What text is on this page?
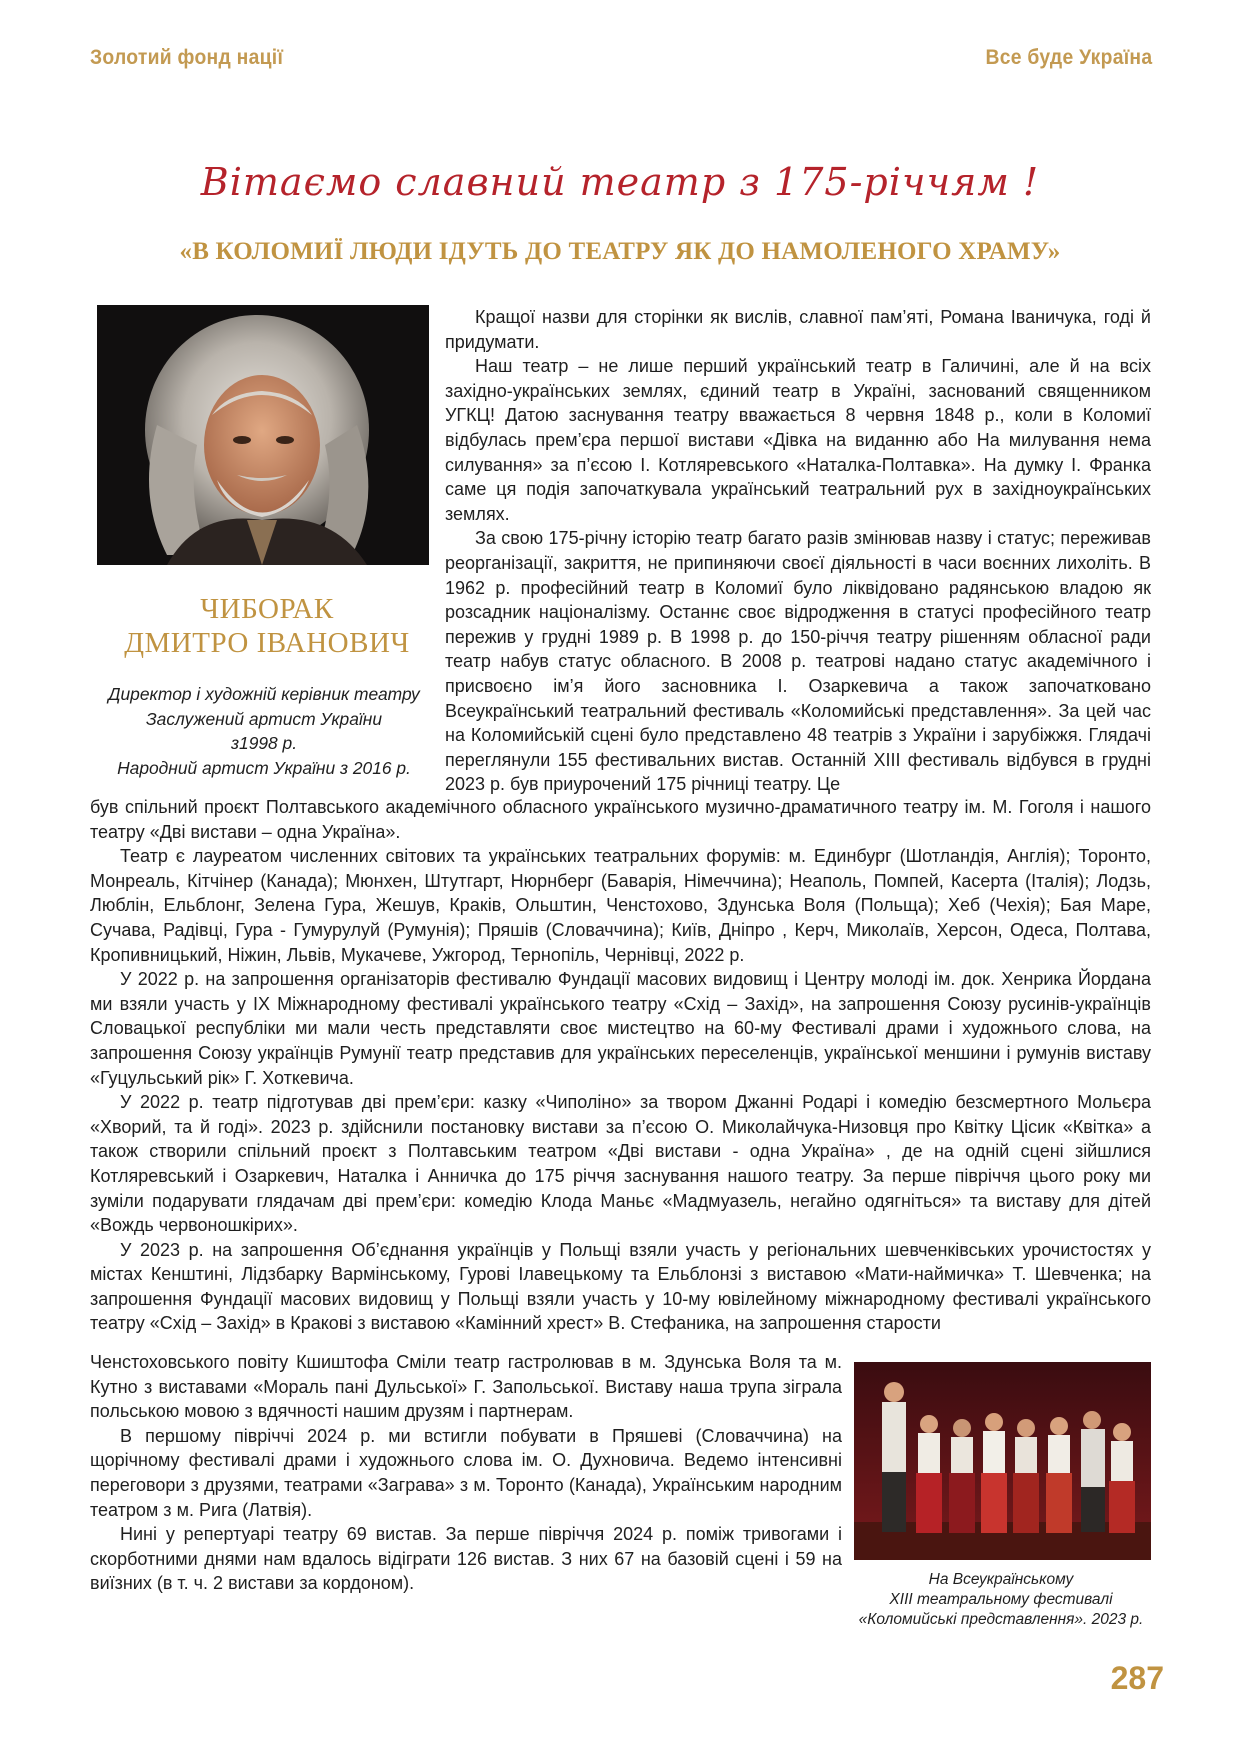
Золотий фонд нації	Все буде Україна
Вітаємо славний театр з 175-річчям !
«В КОЛОМИЇ ЛЮДИ ІДУТЬ ДО ТЕАТРУ ЯК ДО НАМОЛЕНОГО ХРАМУ»
ЧИБОРАК
ДМИТРО ІВАНОВИЧ
Директор і художній керівник театру
Заслужений артист України
з1998 р.
Народний артист України з 2016 р.

Кращої назви для сторінки як вислів, славної пам’яті, Романа Іваничука, годі й придумати.

Наш театр – не лише перший український театр в Галичині, але й на всіх західно-українських землях, єдиний театр в Україні, заснований священником УГКЦ! Датою заснування театру вважається 8 червня 1848 р., коли в Коломиї відбулась прем’єра першої вистави «Дівка на виданню або На милування нема силування» за п’єсою І. Котляревського «Наталка-Полтавка». На думку І. Франка саме ця подія започаткувала український театральний рух в західноукраїнських землях.

За свою 175-річну історію театр багато разів змінював назву і статус; переживав реорганізації, закриття, не припиняючи своєї діяльності в часи воєнних лихоліть. В 1962 р. професійний театр в Коломиї було ліквідовано радянською владою як розсадник націоналізму. Останнє своє відродження в статусі професійного театр пережив у грудні 1989 р. В 1998 р. до 150-річчя театру рішенням обласної ради театр набув статус обласного. В 2008 р. театрові надано статус академічного і присвоєно ім’я його засновника І. Озаркевича а також започатковано Всеукраїнський театральний фестиваль «Коломийські представлення». За цей час на Коломийській сцені було представлено 48 театрів з України і зарубіжжя. Глядачі переглянули 155 фестивальних вистав. Останній ХІІІ фестиваль відбувся в грудні 2023 р. був приурочений 175 річниці театру. Це

був спільний проєкт Полтавського академічного обласного українського музично-драматичного театру ім. М. Гоголя і нашого театру «Дві вистави – одна Україна».

Театр є лауреатом численних світових та українських театральних форумів: м. Единбург (Шотландія, Англія); Торонто, Монреаль, Кітчінер (Канада); Мюнхен, Штутгарт, Нюрнберг (Баварія, Німеччина); Неаполь, Помпей, Касерта (Італія); Лодзь, Люблін, Ельблонг, Зелена Гура, Жешув, Краків, Ольштин, Ченстохово, Здунська Воля (Польща); Хеб (Чехія); Бая Маре, Сучава, Радівці, Гура - Гумурулуй (Румунія); Пряшів (Словаччина); Київ, Дніпро , Керч, Миколаїв, Херсон, Одеса, Полтава, Кропивницький, Ніжин, Львів, Мукачеве, Ужгород, Тернопіль, Чернівці, 2022 р.

У 2022 р. на запрошення організаторів фестивалю Фундації масових видовищ і Центру молоді ім. док. Хенрика Йордана ми взяли участь у ІХ Міжнародному фестивалі українського театру «Схід – Захід», на запрошення Союзу русинів-українців Словацької республіки ми мали честь представляти своє мистецтво на 60-му Фестивалі драми і художнього слова, на запрошення Союзу українців Румунії театр представив для українських переселенців, української меншини і румунів виставу «Гуцульський рік» Г. Хоткевича.

У 2022 р. театр підготував дві прем’єри: казку «Чиполіно» за твором Джанні Родарі і комедію безсмертного Мольєра «Хворий, та й годі». 2023 р. здійснили постановку вистави за п’єсою О. Миколайчука-Низовця про Квітку Цісик «Квітка» а також створили спільний проєкт з Полтавським театром «Дві вистави - одна Україна» , де на одній сцені зійшлися Котляревський і Озаркевич, Наталка і Анничка до 175 річчя заснування нашого театру. За перше півріччя цього року ми зуміли подарувати глядачам дві прем’єри: комедію Клода Маньє «Мадмуазель, негайно одягніться» та виставу для дітей «Вождь червоношкірих».

У 2023 р. на запрошення Об’єднання українців у Польщі взяли участь у регіональних шевченківських урочистостях у містах Кенштині, Лідзбарку Вармінському, Гурові Ілавецькому та Ельблонзі з виставою «Мати-наймичка» Т. Шевченка; на запрошення Фундації масових видовищ у Польщі взяли участь у 10-му ювілейному міжнародному фестивалі українського театру «Схід – Захід» в Кракові з виставою «Камінний хрест» В. Стефаника, на запрошення старости

Ченстоховського повіту Кшиштофа Сміли театр гастролював в м. Здунська Воля та м. Кутно з виставами «Мораль пані Дульської» Г. Запольської. Виставу наша трупа зіграла польською мовою з вдячності нашим друзям і партнерам.

В першому півріччі 2024 р. ми встигли побувати в Пряшеві (Словаччина) на щорічному фестивалі драми і художнього слова ім. О. Духновича. Ведемо інтенсивні переговори з друзями, театрами «Заграва» з м. Торонто (Канада), Українським народним театром з м. Рига (Латвія).

Нині у репертуарі театру 69 вистав. За перше півріччя 2024 р. поміж тривогами і скорботними днями нам вдалось відіграти 126 вистав. З них 67 на базовій сцені і 59 на виїзних (в т. ч. 2 вистави за кордоном).	На Всеукраїнському
ХІІІ театральному фестивалі
«Коломийські представлення». 2023 р.
287
